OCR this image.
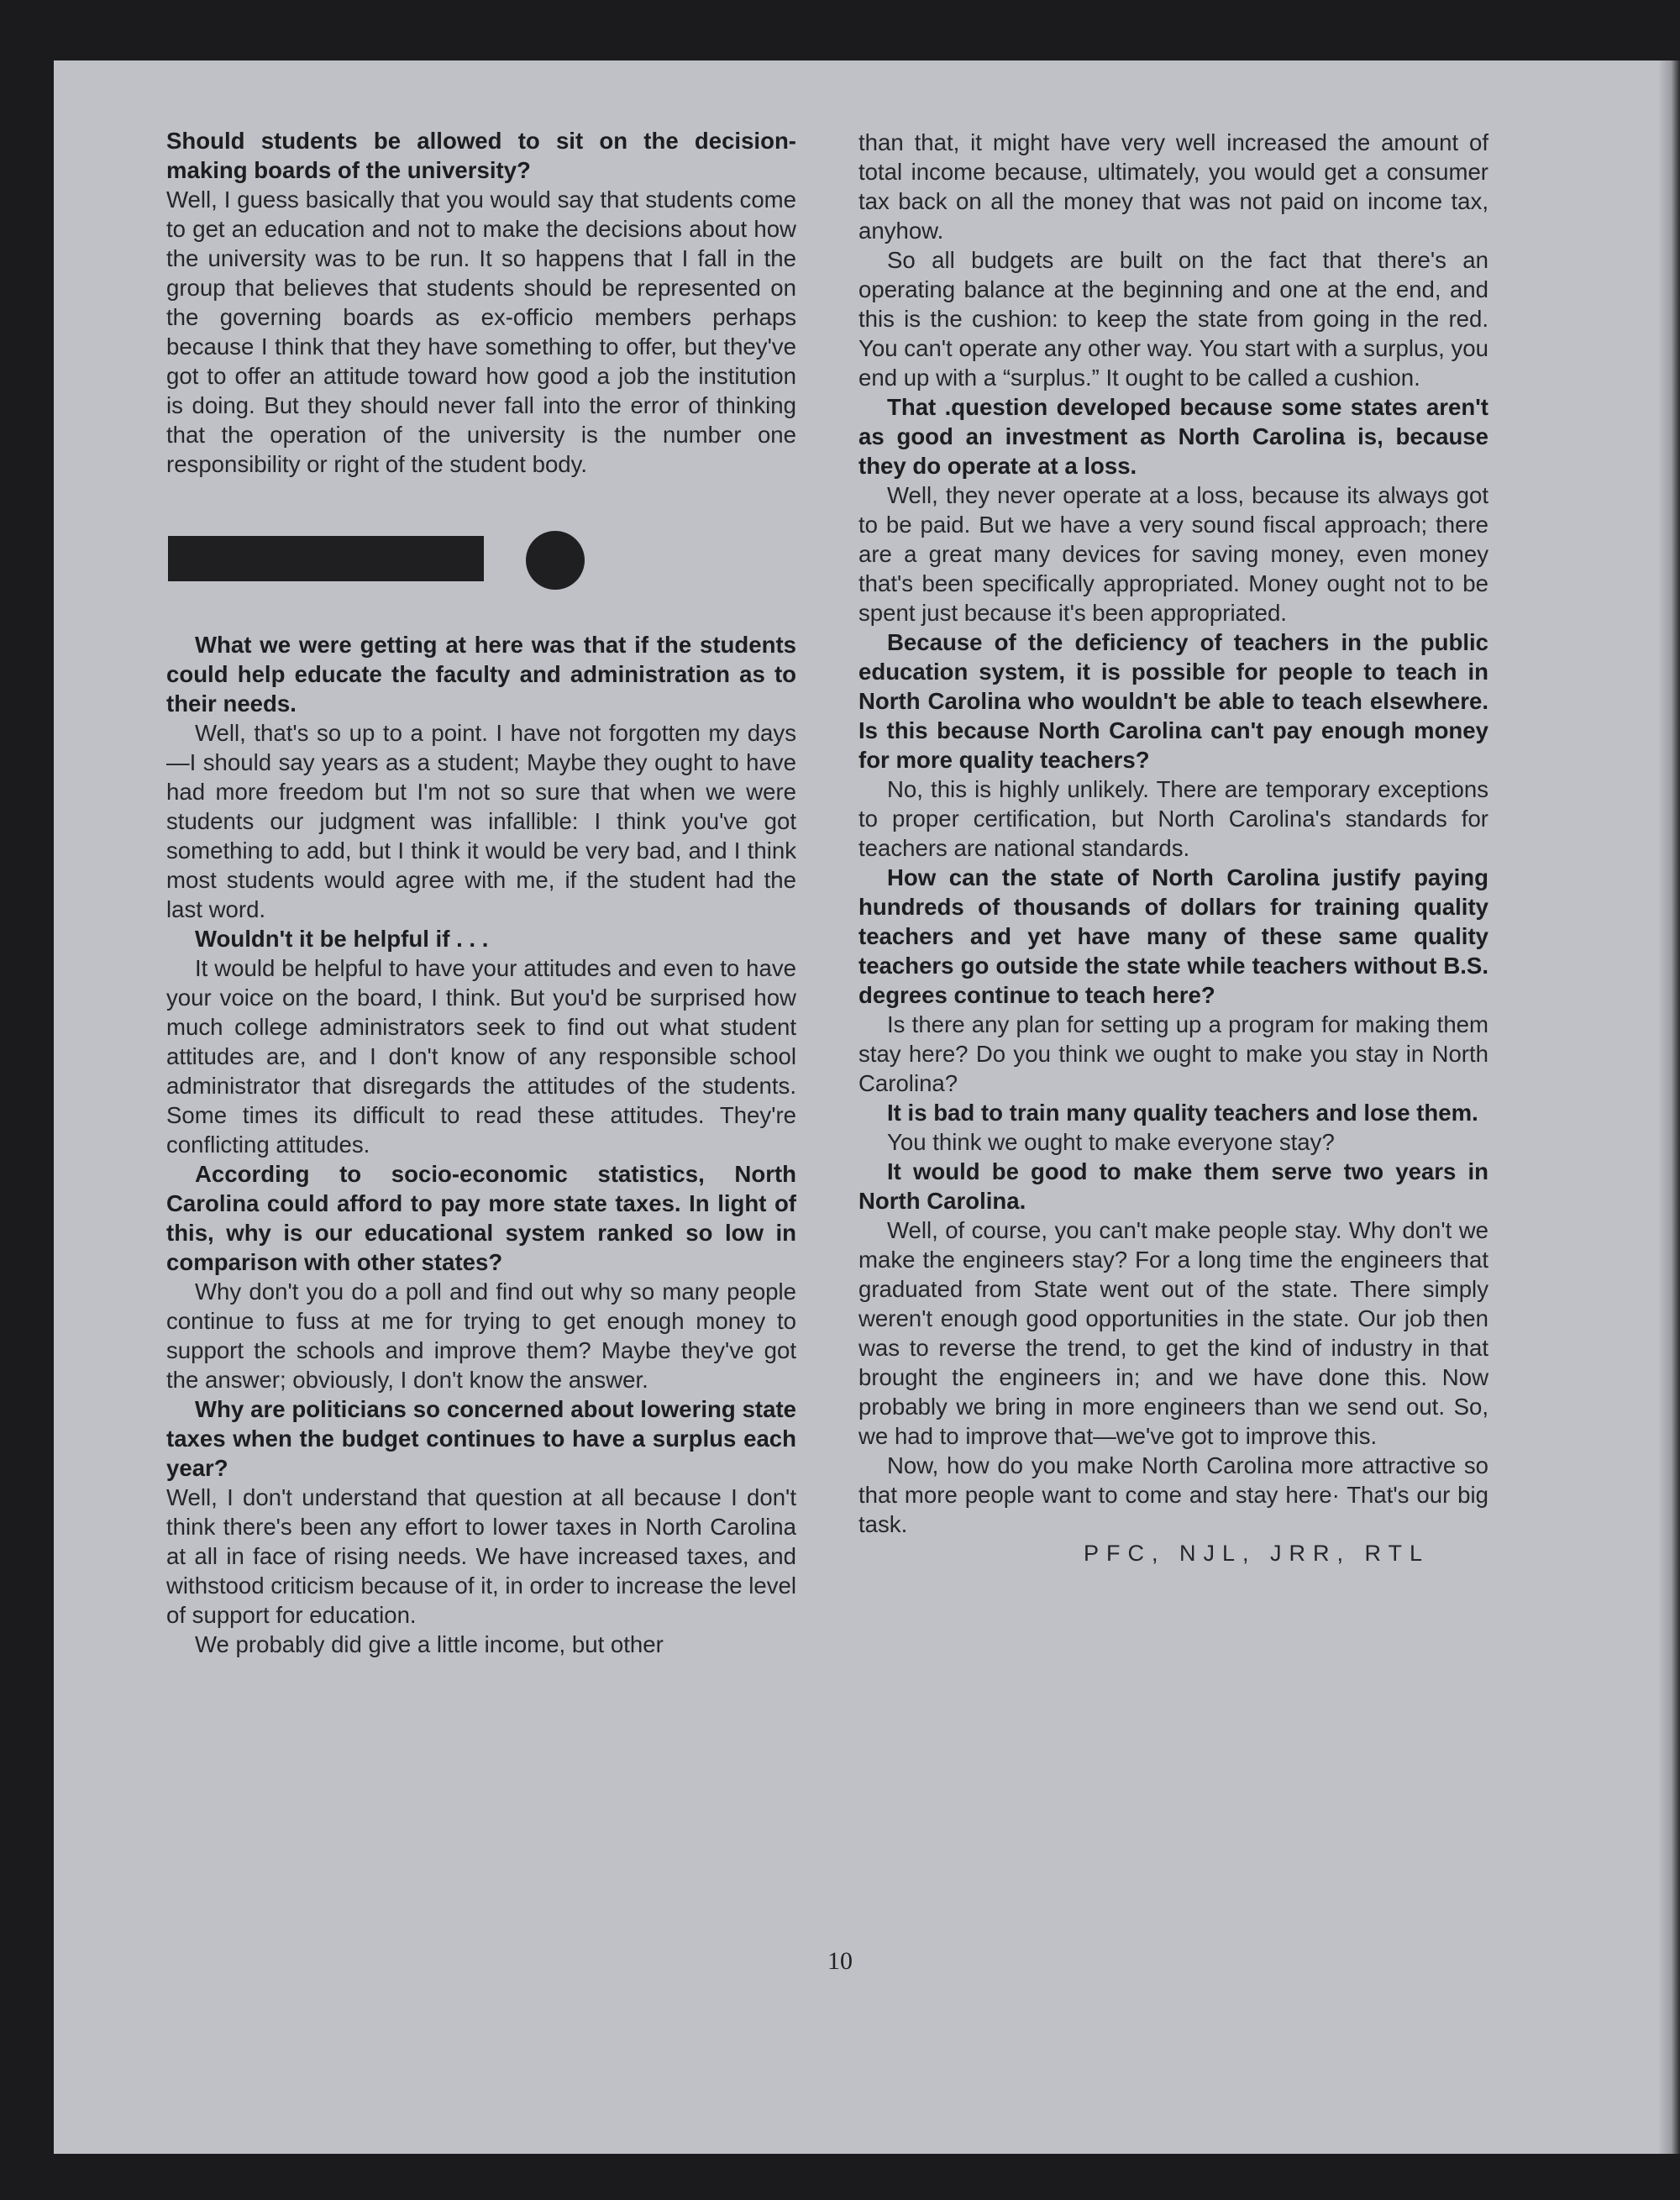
Should students be allowed to sit on the decision-making boards of the university?

Well, I guess basically that you would say that students come to get an education and not to make the decisions about how the university was to be run. It so happens that I fall in the group that believes that students should be represented on the governing boards as ex-officio members perhaps because I think that they have something to offer, but they've got to offer an attitude toward how good a job the institution is doing. But they should never fall into the error of thinking that the operation of the university is the number one responsibility or right of the student body.

What we were getting at here was that if the students could help educate the faculty and administration as to their needs.

Well, that's so up to a point. I have not forgotten my days—I should say years as a student; Maybe they ought to have had more freedom but I'm not so sure that when we were students our judgment was infallible: I think you've got something to add, but I think it would be very bad, and I think most students would agree with me, if the student had the last word.

Wouldn't it be helpful if . . .

It would be helpful to have your attitudes and even to have your voice on the board, I think. But you'd be surprised how much college administrators seek to find out what student attitudes are, and I don't know of any responsible school administrator that disregards the attitudes of the students. Some times its difficult to read these attitudes. They're conflicting attitudes.

According to socio-economic statistics, North Carolina could afford to pay more state taxes. In light of this, why is our educational system ranked so low in comparison with other states?

Why don't you do a poll and find out why so many people continue to fuss at me for trying to get enough money to support the schools and improve them? Maybe they've got the answer; obviously, I don't know the answer.

Why are politicians so concerned about lowering state taxes when the budget continues to have a surplus each year?

Well, I don't understand that question at all because I don't think there's been any effort to lower taxes in North Carolina at all in face of rising needs. We have increased taxes, and withstood criticism because of it, in order to increase the level of support for education.

We probably did give a little income, but other

than that, it might have very well increased the amount of total income because, ultimately, you would get a consumer tax back on all the money that was not paid on income tax, anyhow.

So all budgets are built on the fact that there's an operating balance at the beginning and one at the end, and this is the cushion: to keep the state from going in the red. You can't operate any other way. You start with a surplus, you end up with a “surplus.” It ought to be called a cushion.

That .question developed because some states aren't as good an investment as North Carolina is, because they do operate at a loss.

Well, they never operate at a loss, because its always got to be paid. But we have a very sound fiscal approach; there are a great many devices for saving money, even money that's been specifically appropriated. Money ought not to be spent just because it's been appropriated.

Because of the deficiency of teachers in the public education system, it is possible for people to teach in North Carolina who wouldn't be able to teach elsewhere. Is this because North Carolina can't pay enough money for more quality teachers?

No, this is highly unlikely. There are temporary exceptions to proper certification, but North Carolina's standards for teachers are national standards.

How can the state of North Carolina justify paying hundreds of thousands of dollars for training quality teachers and yet have many of these same quality teachers go outside the state while teachers without B.S. degrees continue to teach here?

Is there any plan for setting up a program for making them stay here? Do you think we ought to make you stay in North Carolina?

It is bad to train many quality teachers and lose them.

You think we ought to make everyone stay?

It would be good to make them serve two years in North Carolina.

Well, of course, you can't make people stay. Why don't we make the engineers stay? For a long time the engineers that graduated from State went out of the state. There simply weren't enough good opportunities in the state. Our job then was to reverse the trend, to get the kind of industry in that brought the engineers in; and we have done this. Now probably we bring in more engineers than we send out. So, we had to improve that—we've got to improve this.

Now, how do you make North Carolina more attractive so that more people want to come and stay here· That's our big task.

PFC, NJL, JRR, RTL
10
